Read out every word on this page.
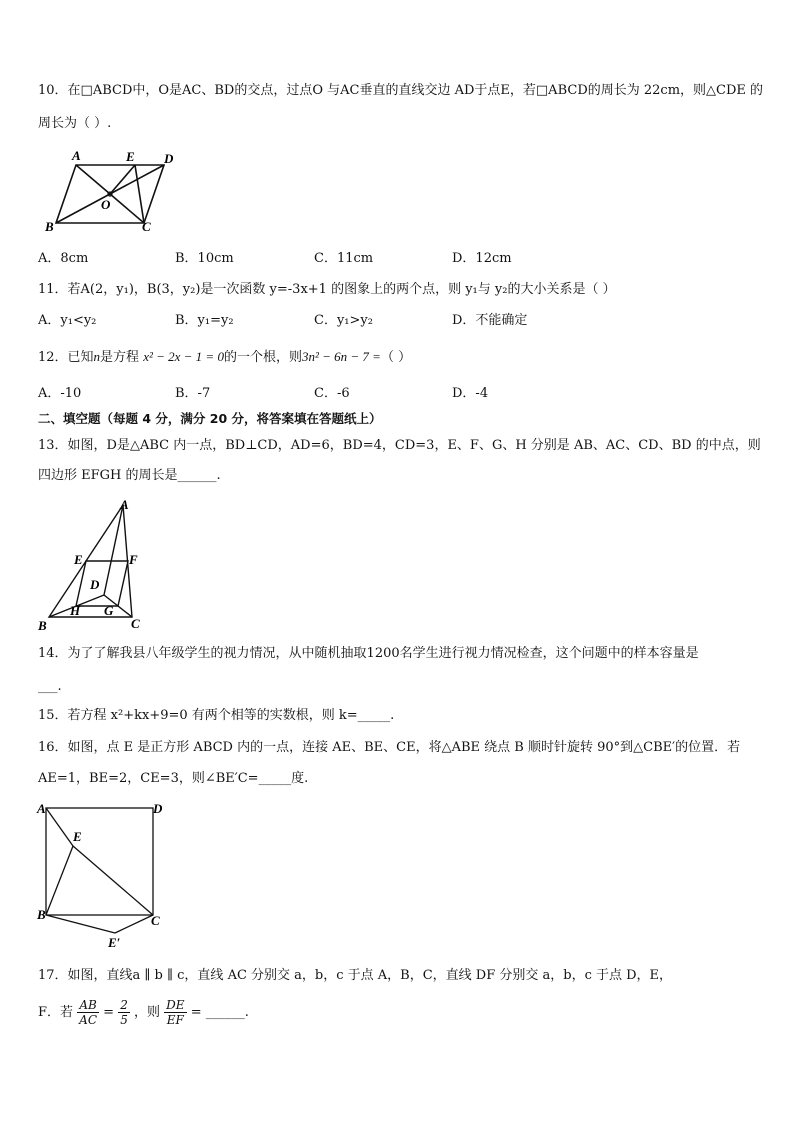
10．在□ABCD中，O是AC、BD的交点，过点O 与AC垂直的直线交边 AD于点E，若□ABCD的周长为 22cm，则△CDE 的
周长为（ ）.
A	E D
O
B	C
A．8cm	B．10cm	C．11cm	D．12cm
11．若A(2，y₁)，B(3，y₂)是一次函数 y=-3x+1 的图象上的两个点，则 y₁与 y₂的大小关系是（ ）
A．y₁<y₂	B．y₁=y₂	C．y₁>y₂	D．不能确定
12．已知n是方程 x² − 2x − 1 = 0的一个根，则3n² − 6n − 7 =（ ）
A．-10	B．-7	C．-6	D．-4
二、填空题（每题 4 分，满分 20 分，将答案填在答题纸上）
13．如图，D是△ABC 内一点，BD⊥CD，AD=6，BD=4，CD=3，E、F、G、H 分别是 AB、AC、CD、BD 的中点，则
四边形 EFGH 的周长是______.
A
E	F
D
H G
B	C
14．为了了解我县八年级学生的视力情况，从中随机抽取1200名学生进行视力情况检查，这个问题中的样本容量是
___.
15．若方程 x²+kx+9=0 有两个相等的实数根，则 k=_____.
16．如图，点 E 是正方形 ABCD 内的一点，连接 AE、BE、CE，将△ABE 绕点 B 顺时针旋转 90°到△CBE′的位置．若
AE=1，BE=2，CE=3，则∠BE′C=_____度.
A	D
E
B	C
E′
17．如图，直线a ∥ b ∥ c，直线 AC 分别交 a，b，c 于点 A，B，C，直线 DF 分别交 a，b，c 于点 D，E，
F．若 $\frac{AB}{AC} = \frac{2}{5}$ ，则 $\frac{DE}{EF}$ = ______.
